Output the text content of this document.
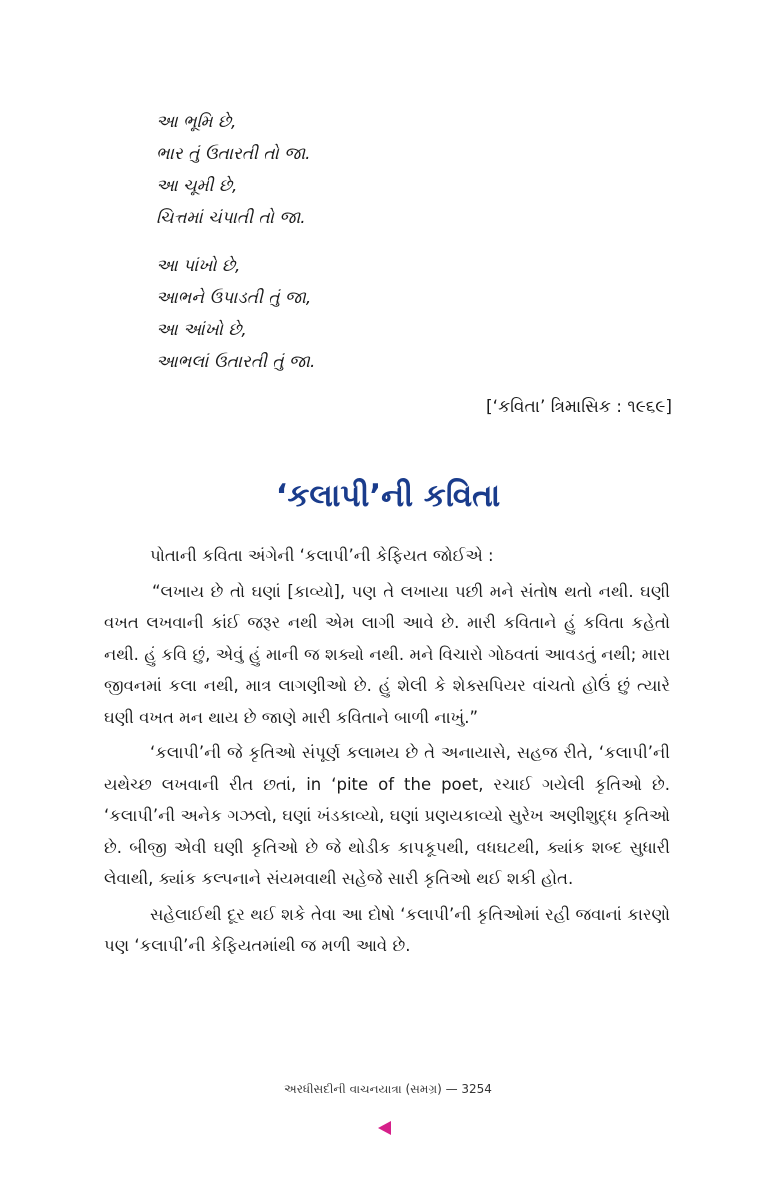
આ ભૂમિ છે,
ભાર તું ઉતારતી તો જા.
આ ચૂમી છે,
ચિત્તમાં ચંપાતી તો જા.
આ પાંખો છે,
આભને ઉપાડતી તું જા,
આ આંખો છે,
આભલાં ઉતારતી તું જા.
[‘કવિતા’ ત્રિમાસિક : ૧૯૬૯]
‘કલાપી’ની કવિતા

પોતાની કવિતા અંગેની ‘કલાપી’ની કેફિયત જોઈએ :

“લખાય છે તો ઘણાં [કાવ્યો], પણ તે લખાયા પછી મને સંતોષ થતો નથી. ઘણી વખત લખવાની કાંઈ જરૂર નથી એમ લાગી આવે છે. મારી કવિતાને હું કવિતા કહેતો નથી. હું કવિ છું, એવું હું માની જ શક્યો નથી. મને વિચારો ગોઠવતાં આવડતું નથી; મારા જીવનમાં કલા નથી, માત્ર લાગણીઓ છે. હું શેલી કે શેક્સપિયર વાંચતો હોઉં છું ત્યારે ઘણી વખત મન થાય છે જાણે મારી કવિતાને બાળી નાખું.”

‘કલાપી’ની જે કૃતિઓ સંપૂર્ણ કલામય છે તે અનાયાસે, સહજ રીતે, ‘કલાપી’ની યથેચ્છ લખવાની રીત છતાં, in ‘pite of the poet, રચાઈ ગયેલી કૃતિઓ છે. ‘કલાપી’ની અનેક ગઝલો, ઘણાં ખંડકાવ્યો, ઘણાં પ્રણયકાવ્યો સુરેખ અણીશુદ્ધ કૃતિઓ છે. બીજી એવી ઘણી કૃતિઓ છે જે થોડીક કાપકૂપથી, વધઘટથી, ક્યાંક શબ્દ સુધારી લેવાથી, ક્યાંક કલ્પનાને સંયમવાથી સહેજે સારી કૃતિઓ થઈ શકી હોત.

સહેલાઈથી દૂર થઈ શકે તેવા આ દોષો ‘કલાપી’ની કૃતિઓમાં રહી જવાનાં કારણો પણ ‘કલાપી’ની કેફિયતમાંથી જ મળી આવે છે.

અરધીસદીની વાચનયાત્રા (સમગ્ર) — 3254
